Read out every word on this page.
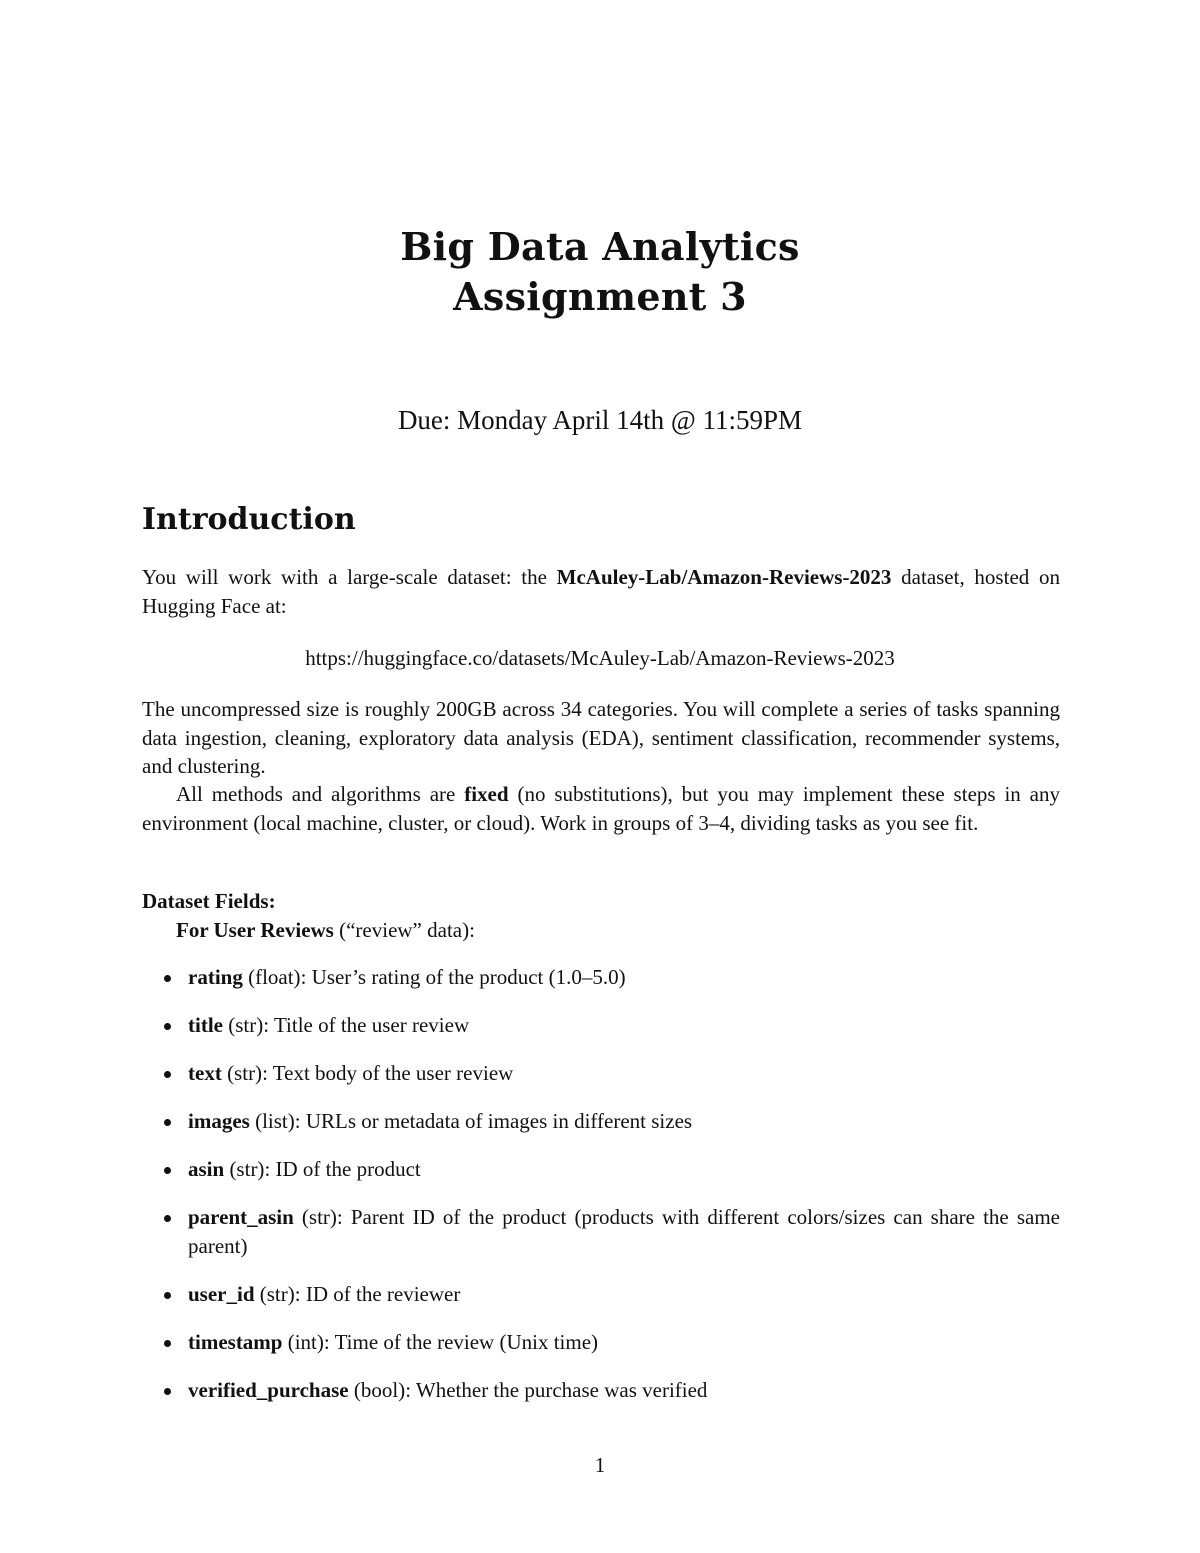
Big Data Analytics
Assignment 3
Due: Monday April 14th @ 11:59PM
Introduction
You will work with a large-scale dataset: the McAuley-Lab/Amazon-Reviews-2023 dataset, hosted on Hugging Face at:
https://huggingface.co/datasets/McAuley-Lab/Amazon-Reviews-2023
The uncompressed size is roughly 200GB across 34 categories. You will complete a series of tasks spanning data ingestion, cleaning, exploratory data analysis (EDA), sentiment classification, recommender systems, and clustering.
All methods and algorithms are fixed (no substitutions), but you may implement these steps in any environment (local machine, cluster, or cloud). Work in groups of 3–4, dividing tasks as you see fit.
Dataset Fields:
For User Reviews (“review” data):
rating (float): User’s rating of the product (1.0–5.0)
title (str): Title of the user review
text (str): Text body of the user review
images (list): URLs or metadata of images in different sizes
asin (str): ID of the product
parent_asin (str): Parent ID of the product (products with different colors/sizes can share the same parent)
user_id (str): ID of the reviewer
timestamp (int): Time of the review (Unix time)
verified_purchase (bool): Whether the purchase was verified
1
